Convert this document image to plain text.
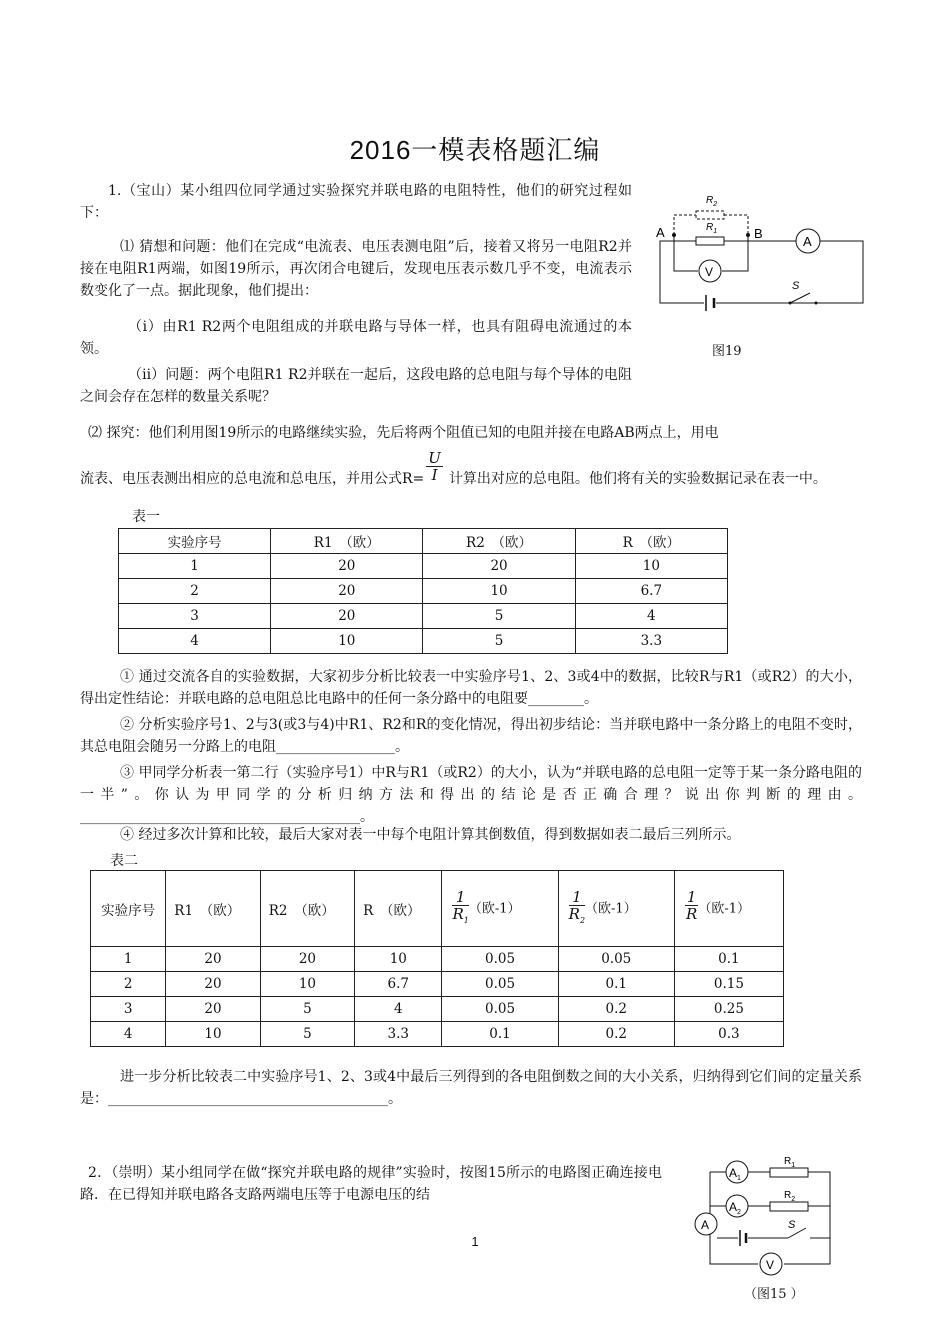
2016一模表格题汇编
1.（宝山）某小组四位同学通过实验探究并联电路的电阻特性，他们的研究过程如下：
⑴ 猜想和问题：他们在完成“电流表、电压表测电阻”后，接着又将另一电阻R2并接在电阻R1两端，如图19所示，再次闭合电键后，发现电压表示数几乎不变，电流表示数变化了一点。据此现象，他们提出：
（i）由R1 R2两个电阻组成的并联电路与导体一样，也具有阻碍电流通过的本领。
（ii）问题：两个电阻R1 R2并联在一起后，这段电路的总电阻与每个导体的电阻之间会存在怎样的数量关系呢？
$R_2$
A	B
$R_1$
A
V
S
图19
⑵ 探究：他们利用图19所示的电路继续实验，先后将两个阻值已知的电阻并接在电路AB两点上，用电
流表、电压表测出相应的总电流和总电压，并用公式$R= \frac{U}{I}$ 计算出对应的总电阻。他们将有关的实验数据记录在表一中。
表一
实验序号	R1　（欧）	R2　（欧）	R　（欧）
1	20	20	10
2	20	10	6.7
3	20	5	4
4	10	5	3.3
① 通过交流各自的实验数据，大家初步分析比较表一中实验序号1、2、3或4中的数据，比较R与R1（或R2）的大小，得出定性结论：并联电路的总电阻总比电路中的任何一条分路中的电阻要________。
② 分析实验序号1、2与3(或3与4)中R1、R2和R的变化情况，得出初步结论：当并联电路中一条分路上的电阻不变时，其总电阻会随另一分路上的电阻_________________。
③ 甲同学分析表一第二行（实验序号1）中R与R1（或R2）的大小，认为“并联电路的总电阻一定等于某一条分路电阻的一半”。你认为甲同学的分析归纳方法和得出的结论是否正确合理？说出你判断的理由。________________________________________。
④ 经过多次计算和比较，最后大家对表一中每个电阻计算其倒数值，得到数据如表二最后三列所示。
表二
实验序号	R1　（欧）	R2　（欧）	R　（欧）	$\frac{1}{R_1}$ （欧-1）	$\frac{1}{R_2}$ （欧-1）	$\frac{1}{R}$ （欧-1）
1	20	20	10	0.05	0.05	0.1
2	20	10	6.7	0.05	0.1	0.15
3	20	5	4	0.05	0.2	0.25
4	10	5	3.3	0.1	0.2	0.3
进一步分析比较表二中实验序号1、2、3或4中最后三列得到的各电阻倒数之间的大小关系，归纳得到它们间的定量关系是：________________________________________。
2．（崇明）某小组同学在做“探究并联电路的规律”实验时，按图15所示的电路图正确连接电路．在已得知并联电路各支路两端电压等于电源电压的结
$A_1$
$R_1$
$A_2$
$R_2$
A	S
V
（图15 ）
1
